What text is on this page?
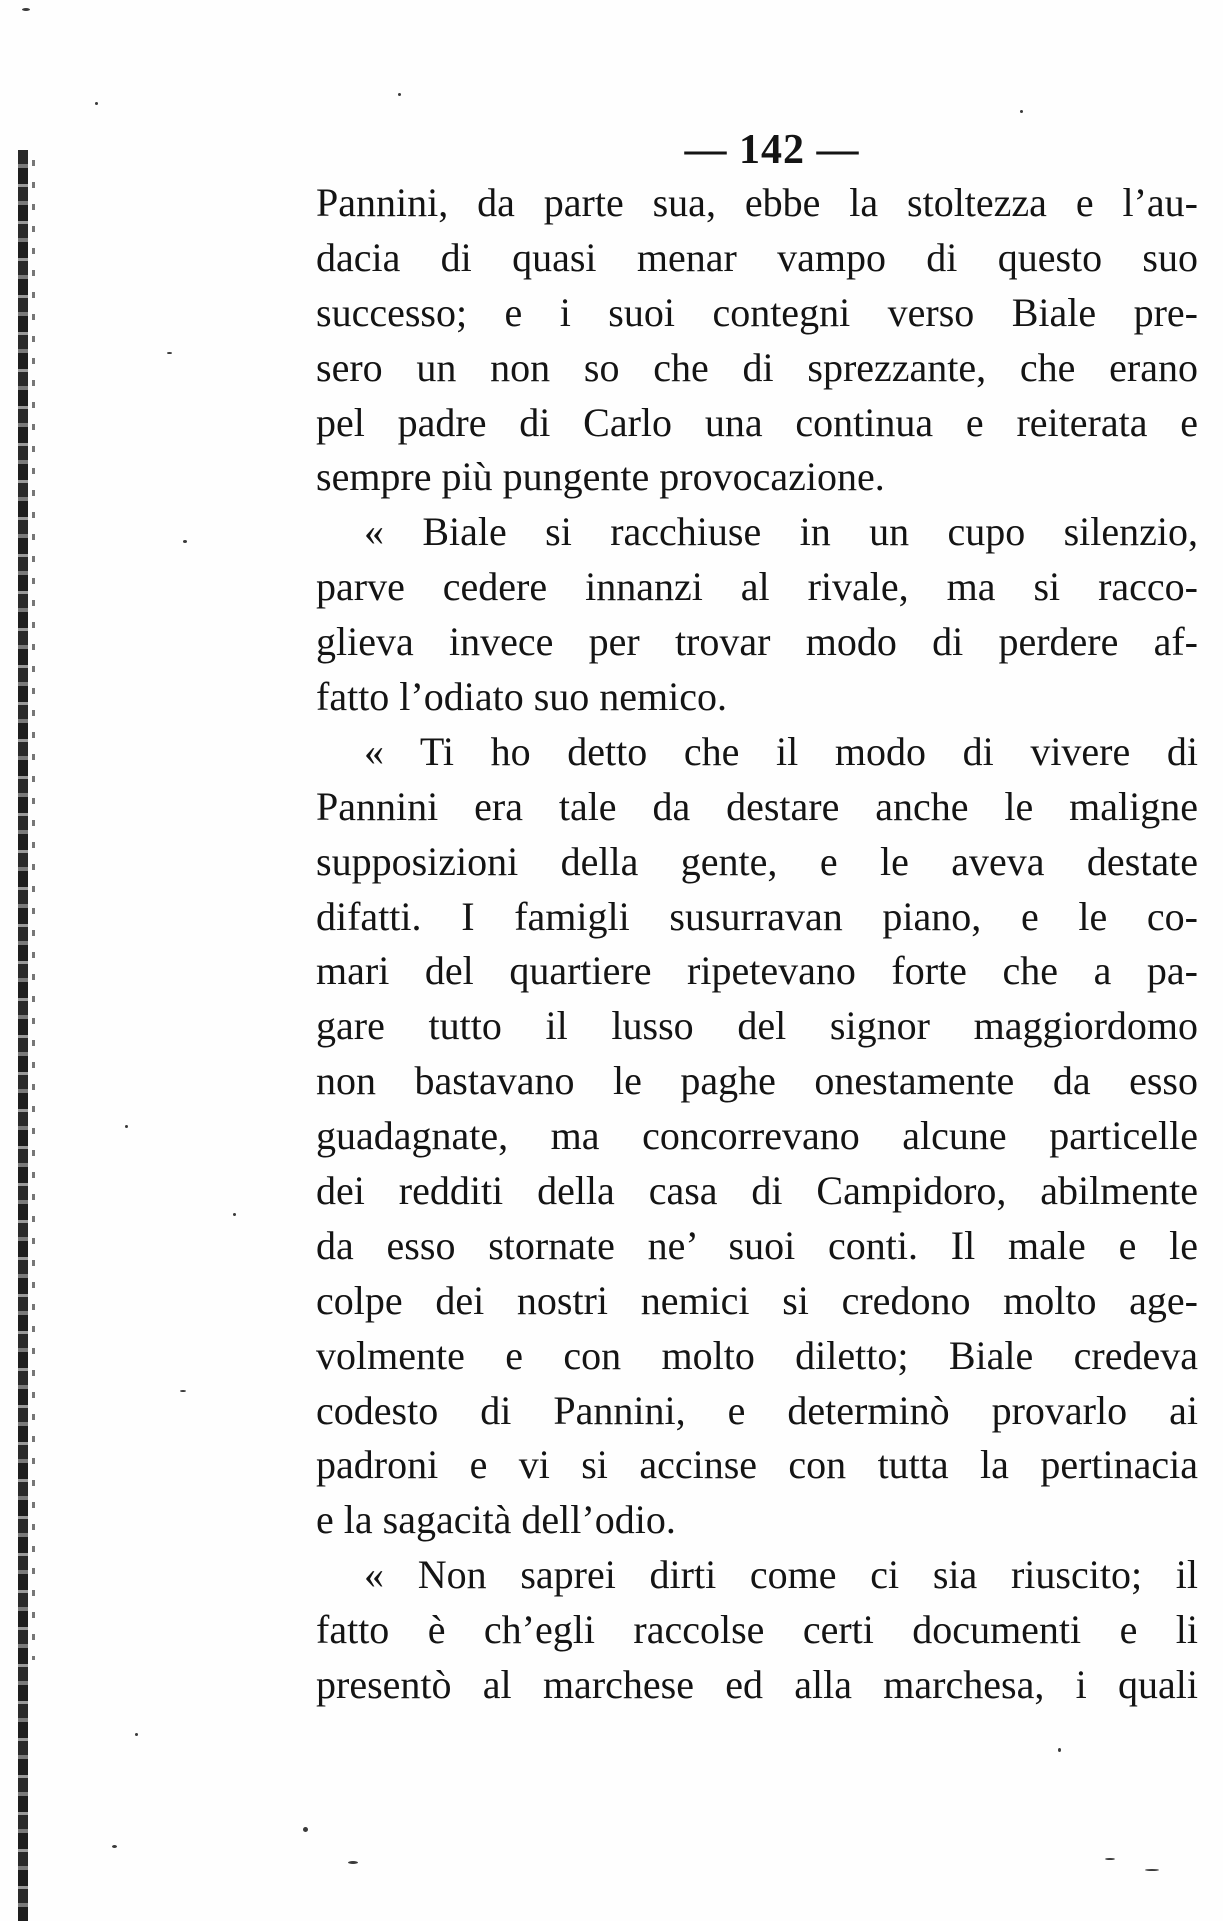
— 142 —
Pannini, da parte sua, ebbe la stoltezza e l’au-
dacia di quasi menar vampo di questo suo
successo; e i suoi contegni verso Biale pre-
sero un non so che di sprezzante, che erano
pel padre di Carlo una continua e reiterata e
sempre più pungente provocazione.
« Biale si racchiuse in un cupo silenzio,
parve cedere innanzi al rivale, ma si racco-
glieva invece per trovar modo di perdere af-
fatto l’odiato suo nemico.
« Ti ho detto che il modo di vivere di
Pannini era tale da destare anche le maligne
supposizioni della gente, e le aveva destate
difatti. I famigli susurravan piano, e le co-
mari del quartiere ripetevano forte che a pa-
gare tutto il lusso del signor maggiordomo
non bastavano le paghe onestamente da esso
guadagnate, ma concorrevano alcune particelle
dei redditi della casa di Campidoro, abilmente
da esso stornate ne’ suoi conti. Il male e le
colpe dei nostri nemici si credono molto age-
volmente e con molto diletto; Biale credeva
codesto di Pannini, e determinò provarlo ai
padroni e vi si accinse con tutta la pertinacia
e la sagacità dell’odio.
« Non saprei dirti come ci sia riuscito; il
fatto è ch’egli raccolse certi documenti e li
presentò al marchese ed alla marchesa, i quali
